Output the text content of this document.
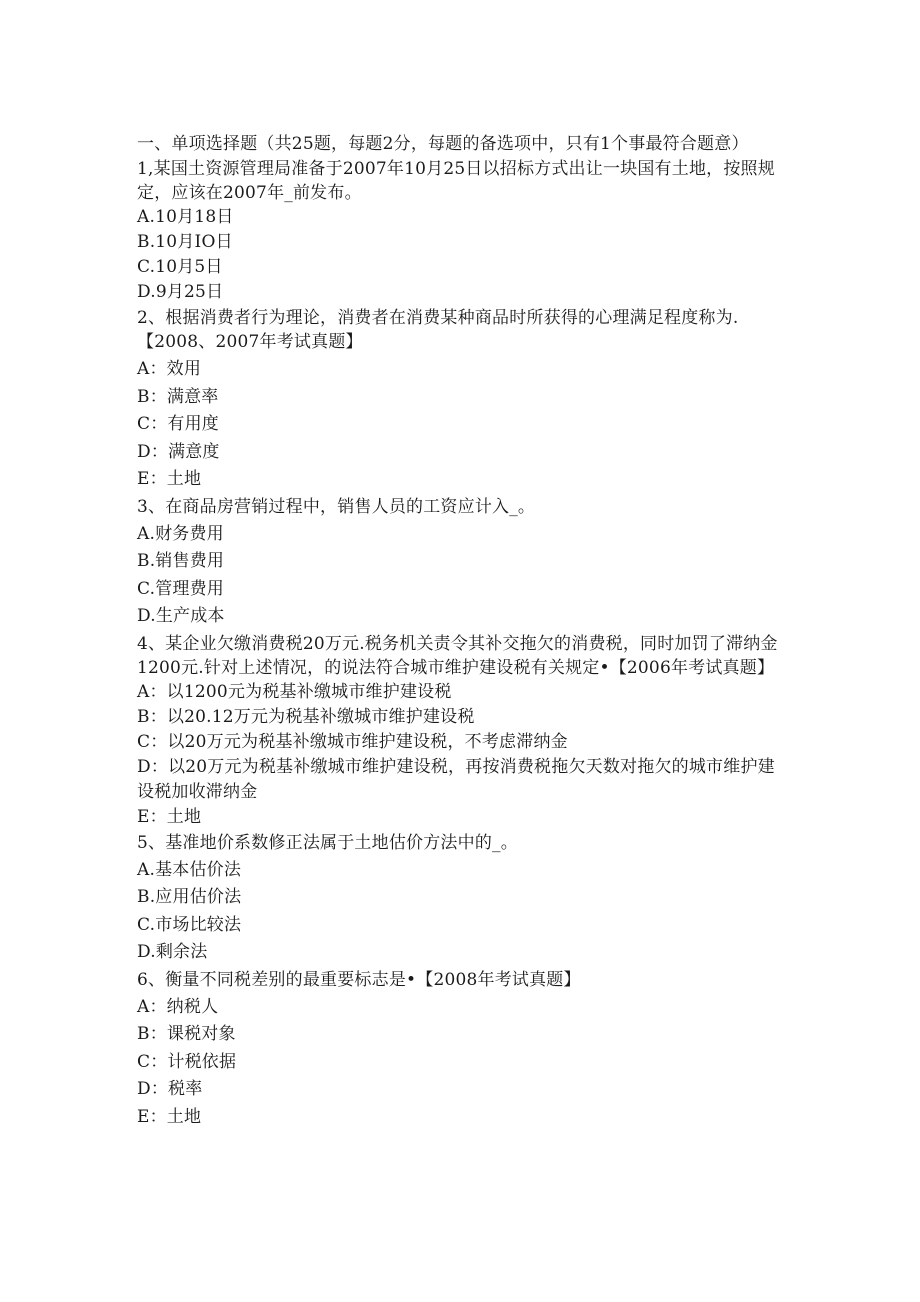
一、单项选择题（共25题，每题2分，每题的备选项中，只有1个事最符合题意）

1,某国土资源管理局准备于2007年10月25日以招标方式出让一块国有土地，按照规定，应该在2007年_前发布。

A.10月18日

B.10月IO日

C.10月5日

D.9月25日

2、根据消费者行为理论，消费者在消费某种商品时所获得的心理满足程度称为.【2008、2007年考试真题】

A：效用

B：满意率

C：有用度

D：满意度

E：土地

3、在商品房营销过程中，销售人员的工资应计入_。

A.财务费用

B.销售费用

C.管理费用

D.生产成本

4、某企业欠缴消费税20万元.税务机关责令其补交拖欠的消费税，同时加罚了滞纳金1200元.针对上述情况，的说法符合城市维护建设税有关规定•【2006年考试真题】

A：以1200元为税基补缴城市维护建设税

B：以20.12万元为税基补缴城市维护建设税

C：以20万元为税基补缴城市维护建设税，不考虑滞纳金

D：以20万元为税基补缴城市维护建设税，再按消费税拖欠天数对拖欠的城市维护建设税加收滞纳金

E：土地

5、基准地价系数修正法属于土地估价方法中的_。

A.基本估价法

B.应用估价法

C.市场比较法

D.剩余法

6、衡量不同税差别的最重要标志是•【2008年考试真题】

A：纳税人

B：课税对象

C：计税依据

D：税率

E：土地
